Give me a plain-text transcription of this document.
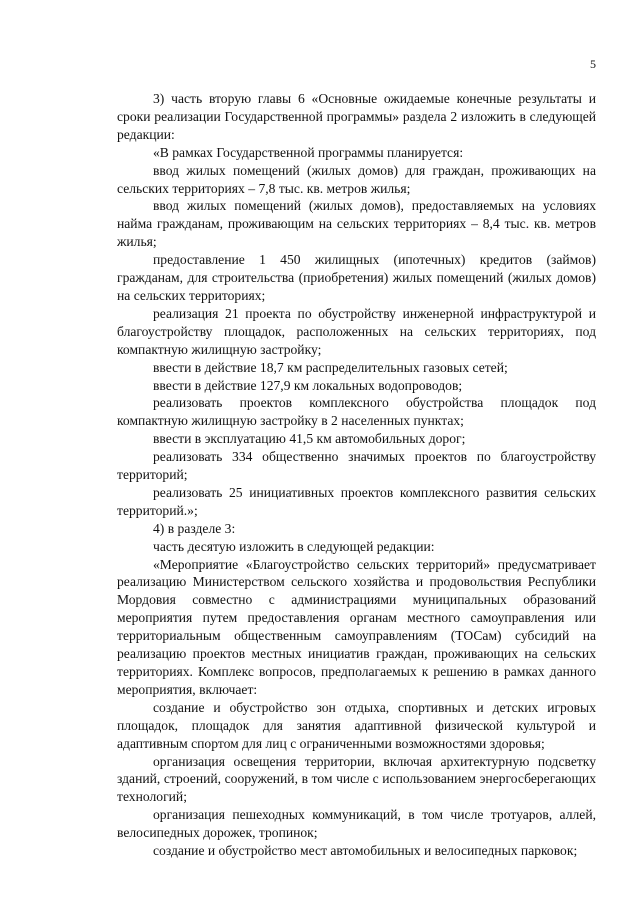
5

3) часть вторую главы 6 «Основные ожидаемые конечные результаты и сроки реализации Государственной программы» раздела 2 изложить в следующей редакции:

«В рамках Государственной программы планируется:

ввод жилых помещений (жилых домов) для граждан, проживающих на сельских территориях – 7,8 тыс. кв. метров жилья;

ввод жилых помещений (жилых домов), предоставляемых на условиях найма гражданам, проживающим на сельских территориях – 8,4 тыс. кв. метров жилья;

предоставление 1 450 жилищных (ипотечных) кредитов (займов) гражданам, для строительства (приобретения) жилых помещений (жилых домов) на сельских территориях;

реализация 21 проекта по обустройству инженерной инфраструктурой и благоустройству площадок, расположенных на сельских территориях, под компактную жилищную застройку;

ввести в действие 18,7 км распределительных газовых сетей;

ввести в действие 127,9 км локальных водопроводов;

реализовать проектов комплексного обустройства площадок под компактную жилищную застройку в 2 населенных пунктах;

ввести в эксплуатацию 41,5 км автомобильных дорог;

реализовать 334 общественно значимых проектов по благоустройству территорий;

реализовать 25 инициативных проектов комплексного развития сельских территорий.»;

4) в разделе 3:

часть десятую изложить в следующей редакции:

«Мероприятие «Благоустройство сельских территорий» предусматривает реализацию Министерством сельского хозяйства и продовольствия Республики Мордовия совместно с администрациями муниципальных образований мероприятия путем предоставления органам местного самоуправления или территориальным общественным самоуправлениям (ТОСам) субсидий на реализацию проектов местных инициатив граждан, проживающих на сельских территориях. Комплекс вопросов, предполагаемых к решению в рамках данного мероприятия, включает:

создание и обустройство зон отдыха, спортивных и детских игровых площадок, площадок для занятия адаптивной физической культурой и адаптивным спортом для лиц с ограниченными возможностями здоровья;

организация освещения территории, включая архитектурную подсветку зданий, строений, сооружений, в том числе с использованием энергосберегающих технологий;

организация пешеходных коммуникаций, в том числе тротуаров, аллей, велосипедных дорожек, тропинок;

создание и обустройство мест автомобильных и велосипедных парковок;
